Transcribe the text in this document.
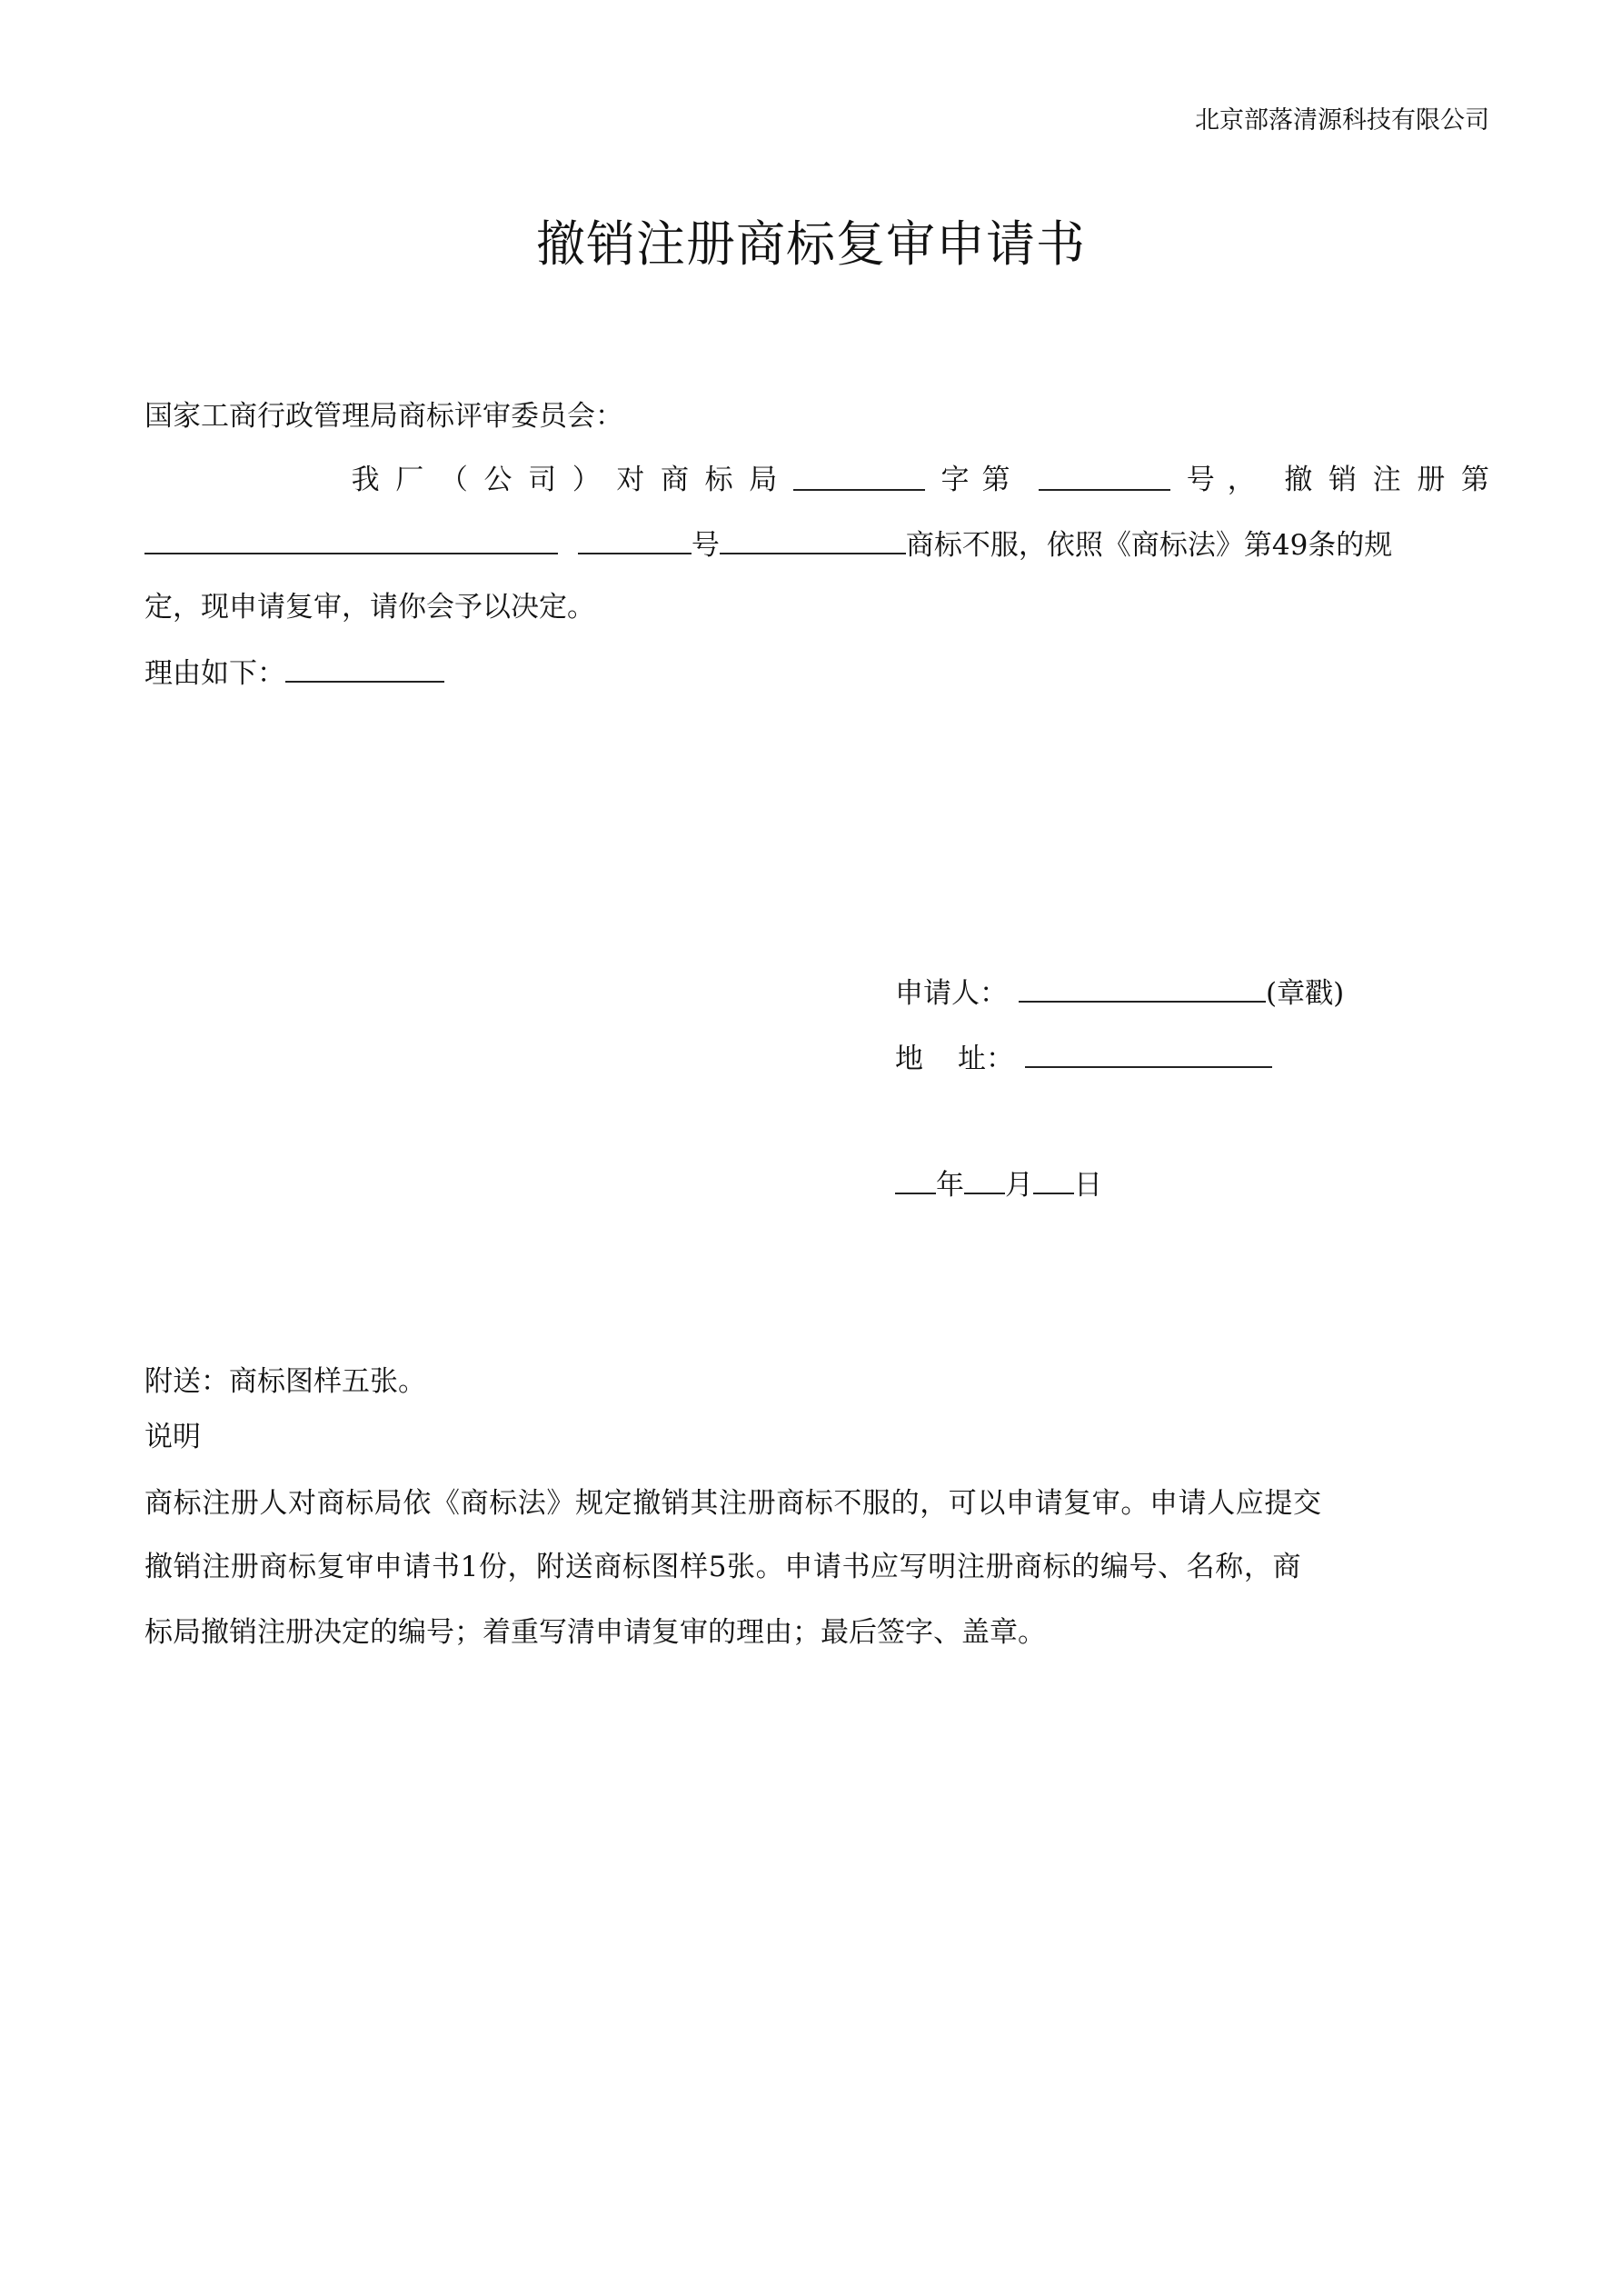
北京部落清源科技有限公司
撤销注册商标复审申请书
国家工商行政管理局商标评审委员会：
我 厂 （ 公 司 ） 对 商 标 局	字第	号， 撤 销 注 册 第
号	商标不服，依照《商标法》第49条的规
定，现申请复审，请你会予以决定。
理由如下：
申请人：	(章戳)
地 址：
年 月 日
附送：商标图样五张。
说明
商标注册人对商标局依《商标法》规定撤销其注册商标不服的，可以申请复审。申请人应提交
撤销注册商标复审申请书1份，附送商标图样5张。申请书应写明注册商标的编号、名称，商
标局撤销注册决定的编号；着重写清申请复审的理由；最后签字、盖章。
